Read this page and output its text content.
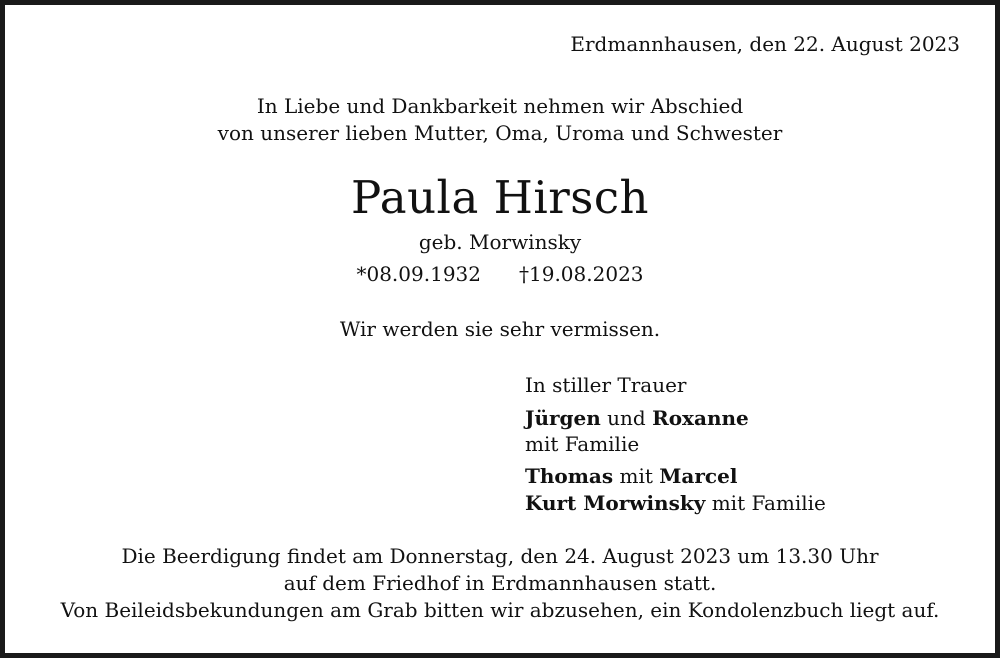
Erdmannhausen, den 22. August 2023
In Liebe und Dankbarkeit nehmen wir Abschied
von unserer lieben Mutter, Oma, Uroma und Schwester
Paula Hirsch
geb. Morwinsky
*08.09.1932 †19.08.2023
Wir werden sie sehr vermissen.
In stiller Trauer
Jürgen und Roxanne
mit Familie
Thomas mit Marcel
Kurt Morwinsky mit Familie
Die Beerdigung findet am Donnerstag, den 24. August 2023 um 13.30 Uhr
auf dem Friedhof in Erdmannhausen statt.
Von Beileidsbekundungen am Grab bitten wir abzusehen, ein Kondolenzbuch liegt auf.
